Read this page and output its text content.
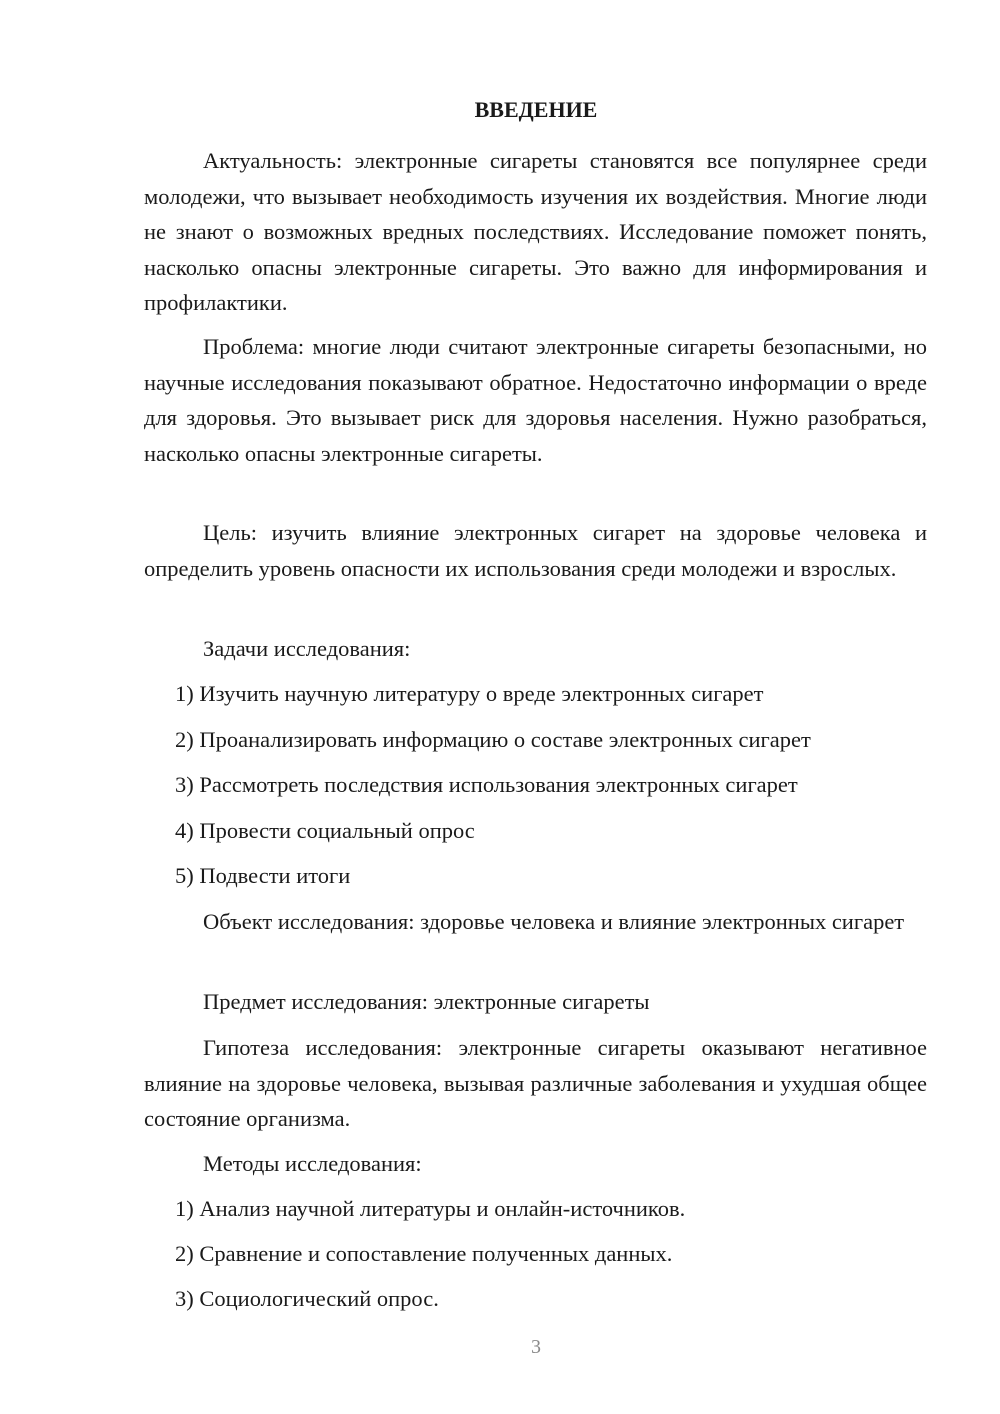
ВВЕДЕНИЕ

Актуальность: электронные сигареты становятся все популярнее среди молодежи, что вызывает необходимость изучения их воздействия. Многие люди не знают о возможных вредных последствиях. Исследование поможет понять, насколько опасны электронные сигареты. Это важно для информирования и профилактики.

Проблема: многие люди считают электронные сигареты безопасными, но научные исследования показывают обратное. Недостаточно информации о вреде для здоровья. Это вызывает риск для здоровья населения. Нужно разобраться, насколько опасны электронные сигареты.

Цель: изучить влияние электронных сигарет на здоровье человека и определить уровень опасности их использования среди молодежи и взрослых.

Задачи исследования:

1) Изучить научную литературу о вреде электронных сигарет

2) Проанализировать информацию о составе электронных сигарет

3) Рассмотреть последствия использования электронных сигарет

4) Провести социальный опрос

5) Подвести итоги

Объект исследования: здоровье человека и влияние электронных сигарет

Предмет исследования: электронные сигареты

Гипотеза исследования: электронные сигареты оказывают негативное влияние на здоровье человека, вызывая различные заболевания и ухудшая общее состояние организма.

Методы исследования:

1) Анализ научной литературы и онлайн-источников.

2) Сравнение и сопоставление полученных данных.

3) Социологический опрос.

3
